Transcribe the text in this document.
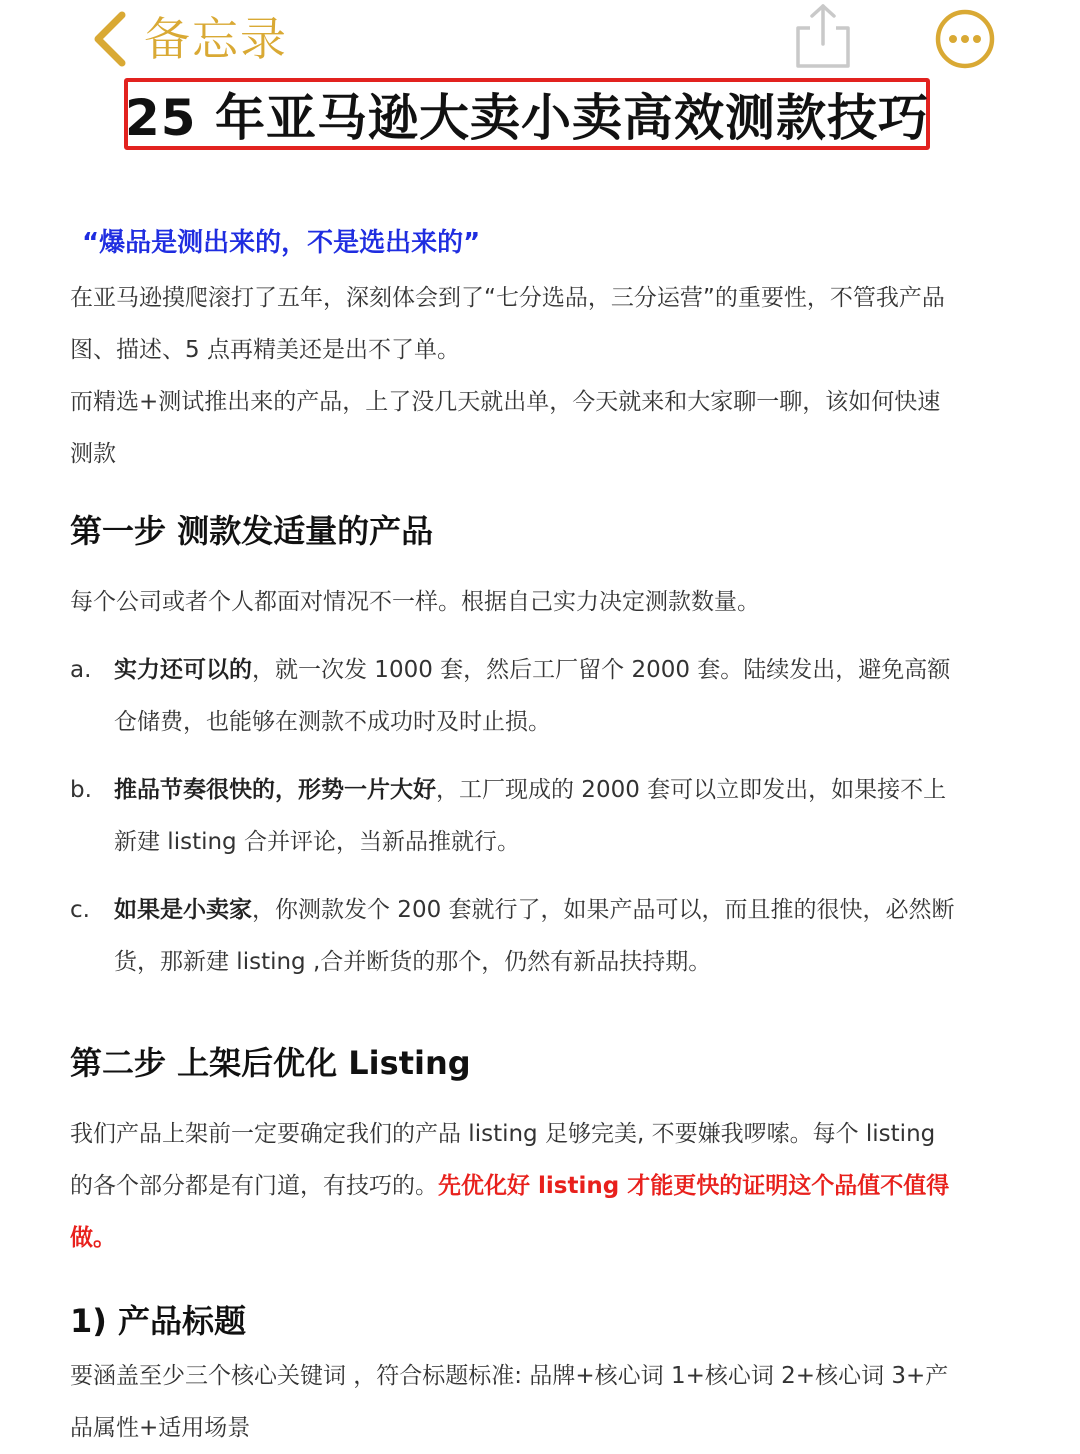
备忘录
25 年亚马逊大卖小卖高效测款技巧

“爆品是测出来的，不是选出来的”

在亚马逊摸爬滚打了五年，深刻体会到了“七分选品，三分运营”的重要性，不管我产品图、描述、5 点再精美还是出不了单。

而精选+测试推出来的产品，上了没几天就出单，今天就来和大家聊一聊，该如何快速测款

第一步 测款发适量的产品

每个公司或者个人都面对情况不一样。根据自己实力决定测款数量。

a. 实力还可以的，就一次发 1000 套，然后工厂留个 2000 套。陆续发出，避免高额仓储费，也能够在测款不成功时及时止损。
b. 推品节奏很快的，形势一片大好，工厂现成的 2000 套可以立即发出，如果接不上新建 listing 合并评论，当新品推就行。
c.	如果是小卖家，你测款发个 200 套就行了，如果产品可以，而且推的很快，必然断货，那新建 listing ,合并断货的那个，仍然有新品扶持期。
第二步 上架后优化 Listing

我们产品上架前一定要确定我们的产品 listing 足够完美, 不要嫌我啰嗦。每个 listing 的各个部分都是有门道，有技巧的。先优化好 listing 才能更快的证明这个品值不值得做。

1) 产品标题

要涵盖至少三个核心关键词 ，符合标题标准: 品牌+核心词 1+核心词 2+核心词 3+产品属性+适用场景
